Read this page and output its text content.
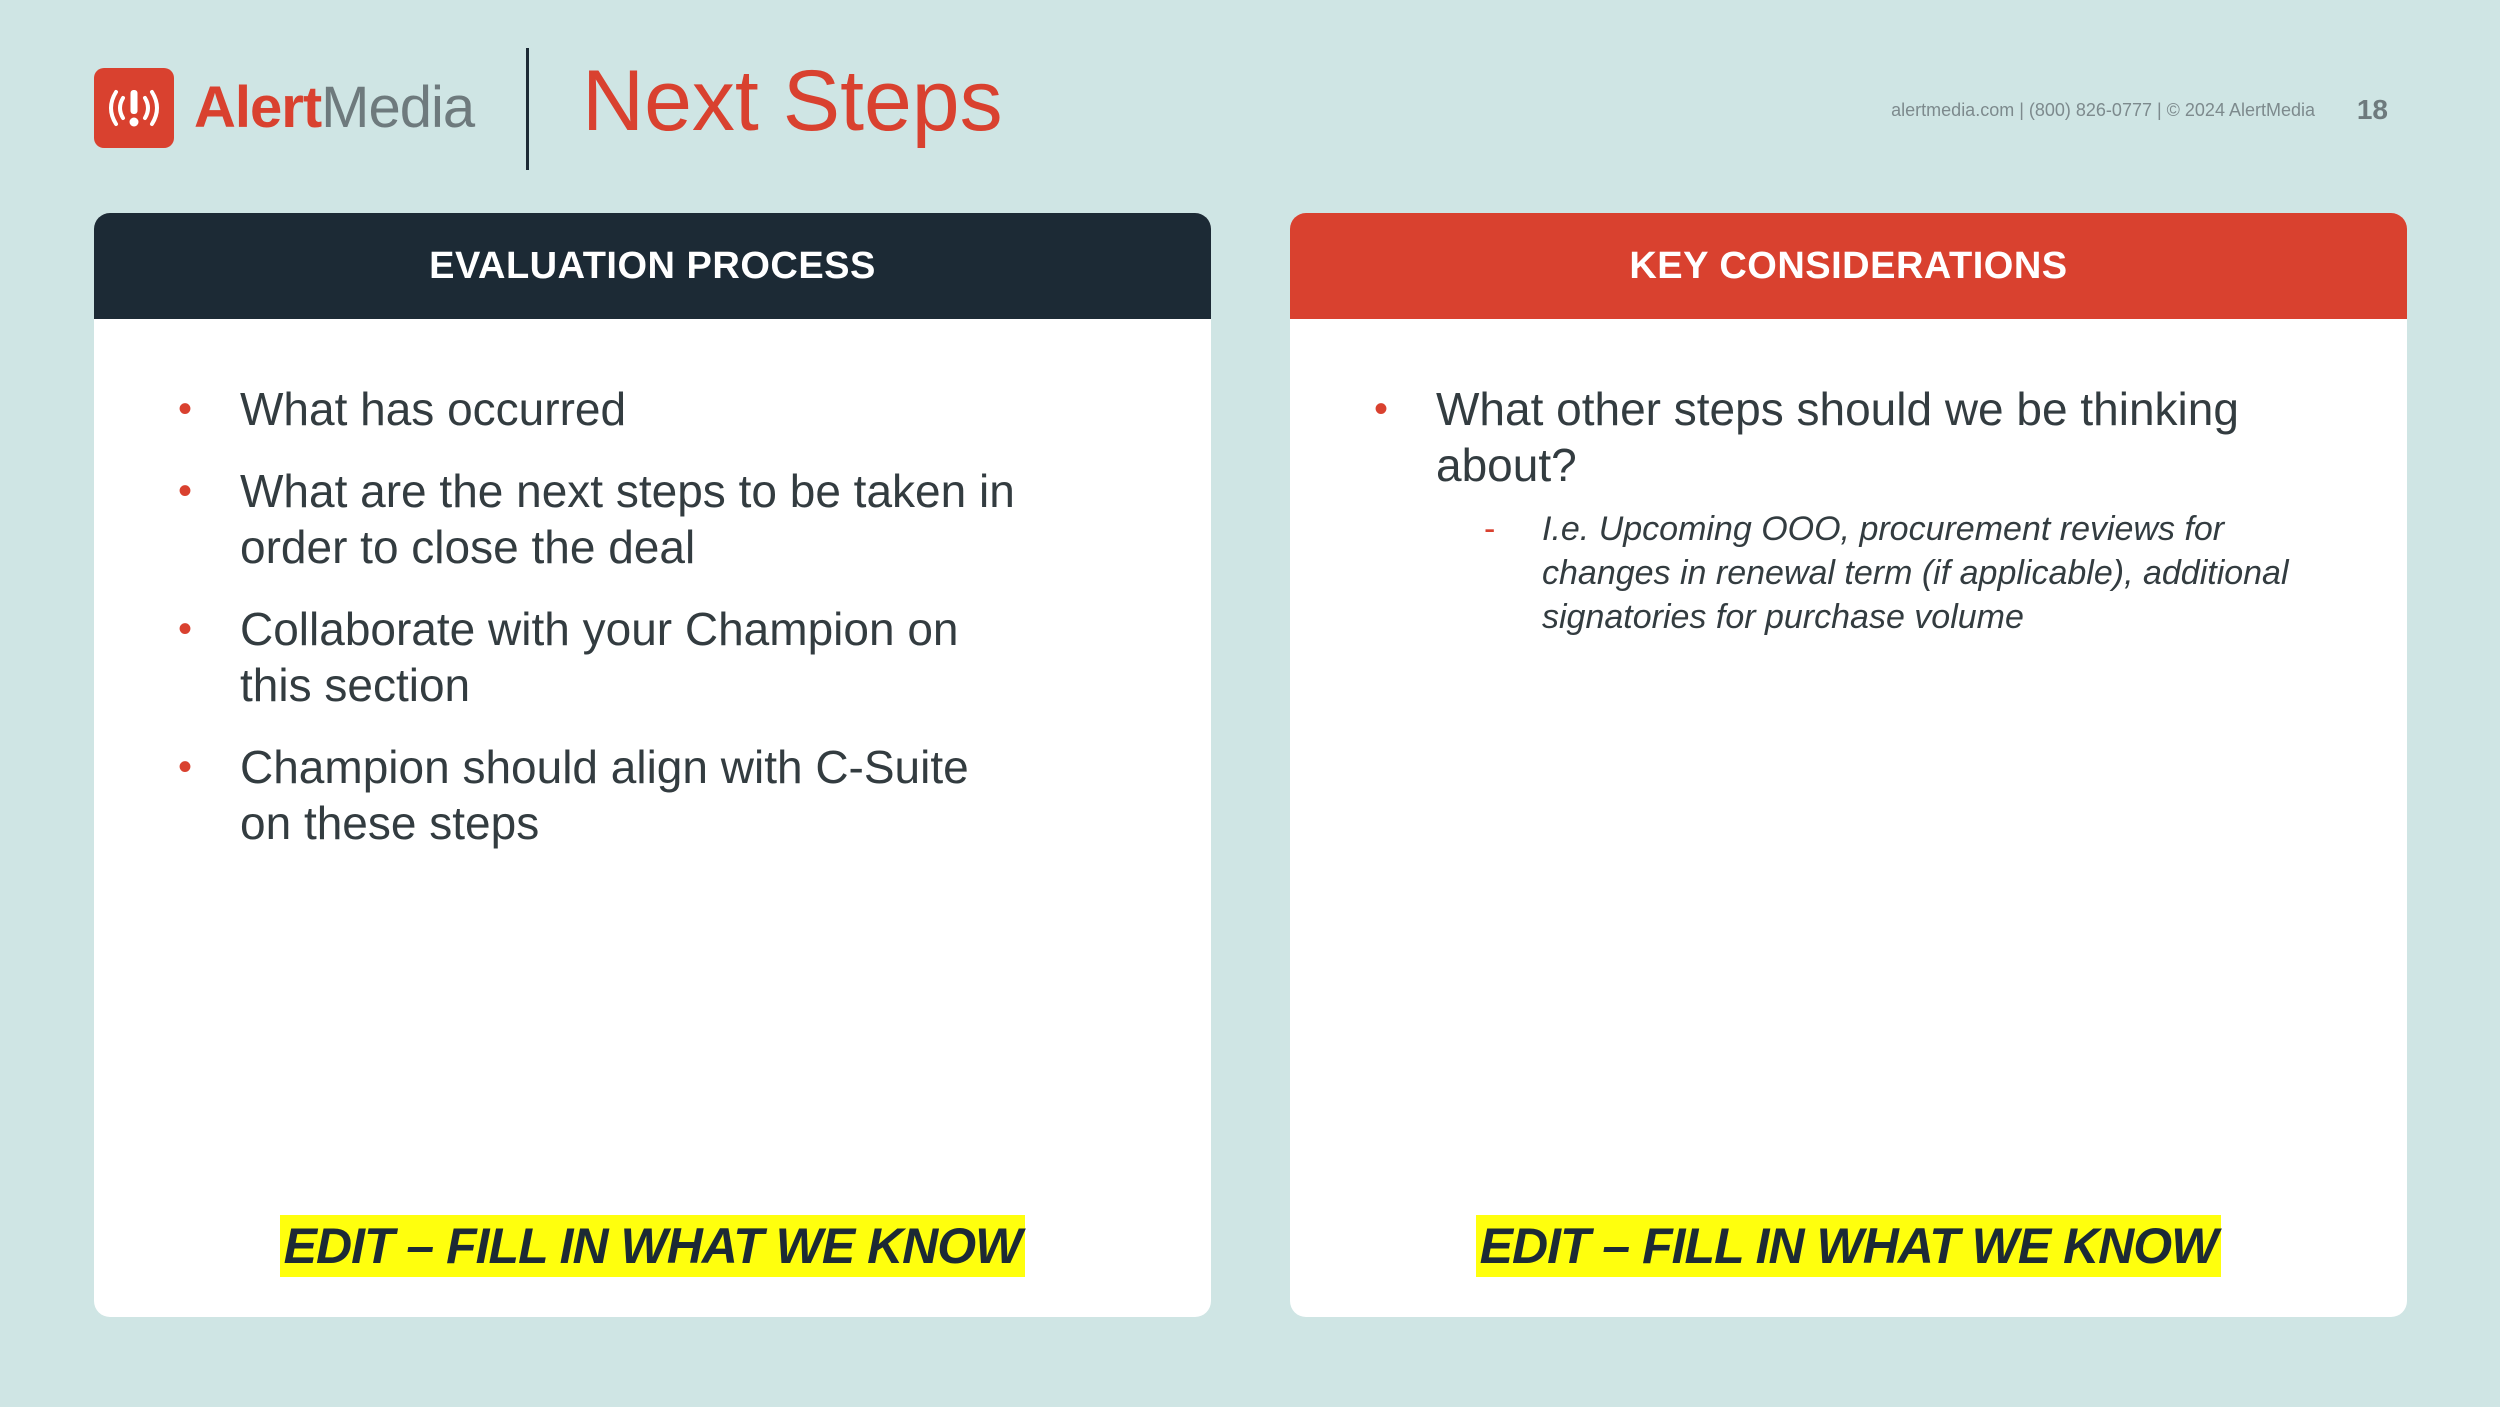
AlertMedia Next Steps	alertmedia.com | (800) 826-0777 | © 2024 AlertMedia 18
EVALUATION PROCESS
• What has occurred
• What are the next steps to be taken in order to close the deal
• Collaborate with your Champion on this section
• Champion should align with C-Suite on these steps
EDIT – FILL IN WHAT WE KNOW
KEY CONSIDERATIONS
• What other steps should we be thinking about?
- I.e. Upcoming OOO, procurement reviews for changes in renewal term (if applicable), additional signatories for purchase volume
EDIT – FILL IN WHAT WE KNOW
